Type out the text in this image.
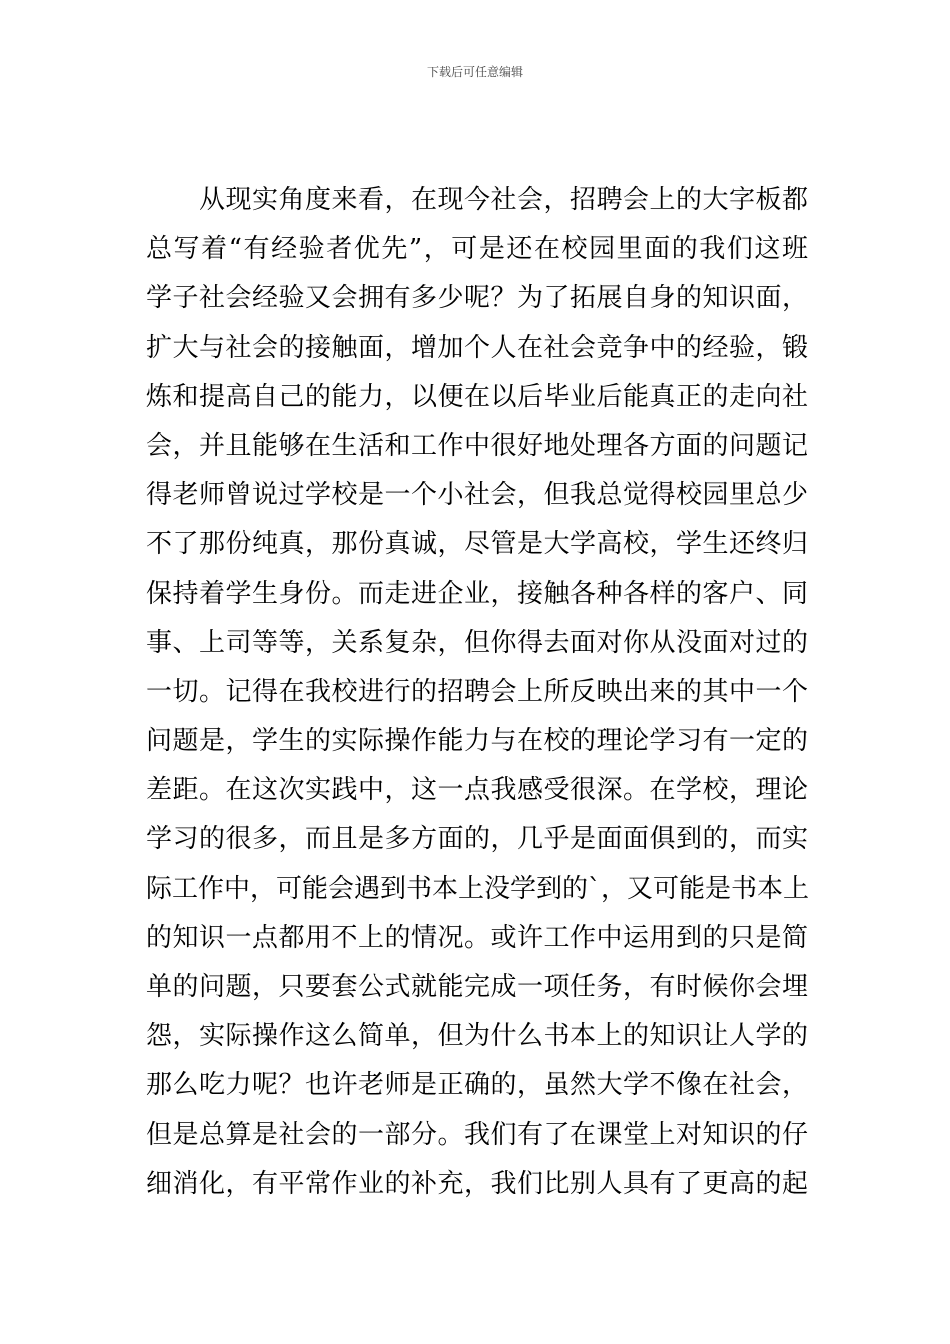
下载后可任意编辑
从现实角度来看，在现今社会，招聘会上的大字板都
总写着“有经验者优先”，可是还在校园里面的我们这班
学子社会经验又会拥有多少呢？为了拓展自身的知识面，
扩大与社会的接触面，增加个人在社会竞争中的经验，锻
炼和提高自己的能力，以便在以后毕业后能真正的走向社
会，并且能够在生活和工作中很好地处理各方面的问题记
得老师曾说过学校是一个小社会，但我总觉得校园里总少
不了那份纯真，那份真诚，尽管是大学高校，学生还终归
保持着学生身份。而走进企业，接触各种各样的客户、同
事、上司等等，关系复杂，但你得去面对你从没面对过的
一切。记得在我校进行的招聘会上所反映出来的其中一个
问题是，学生的实际操作能力与在校的理论学习有一定的
差距。在这次实践中，这一点我感受很深。在学校，理论
学习的很多，而且是多方面的，几乎是面面俱到的，而实
际工作中，可能会遇到书本上没学到的`，又可能是书本上
的知识一点都用不上的情况。或许工作中运用到的只是简
单的问题，只要套公式就能完成一项任务，有时候你会埋
怨，实际操作这么简单，但为什么书本上的知识让人学的
那么吃力呢？也许老师是正确的，虽然大学不像在社会，
但是总算是社会的一部分。我们有了在课堂上对知识的仔
细消化，有平常作业的补充，我们比别人具有了更高的起
